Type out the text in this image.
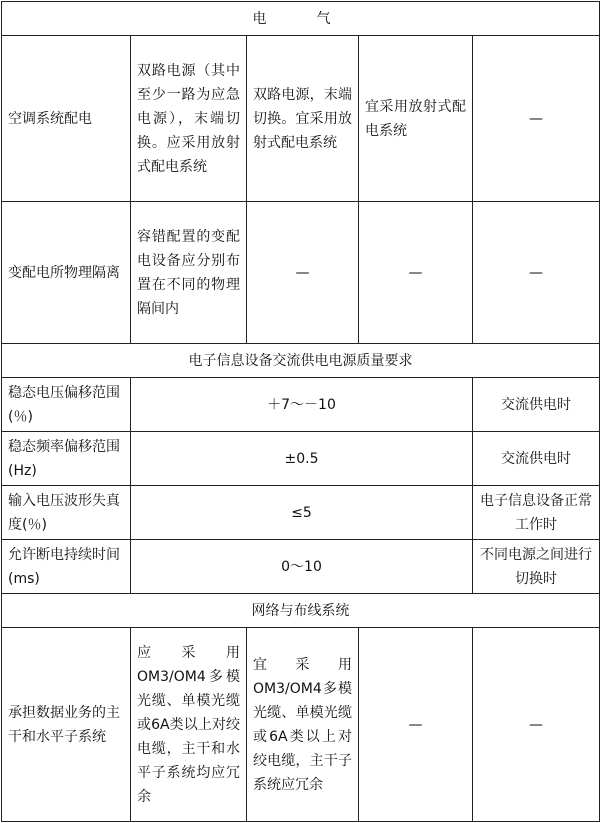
电　气				
空调系统配电	双路电源（其中至少一路为应急电源），末端切换。应采用放射式配电系统	双路电源，末端切换。宜采用放射式配电系统	宜采用放射式配电系统	—
变配电所物理隔离	容错配置的变配电设备应分别布置在不同的物理隔间内	—	—	—
电子信息设备交流供电电源质量要求				
稳态电压偏移范围(％)	＋7～－10			交流供电时
稳态频率偏移范围(Hz)	±0.5			交流供电时
输入电压波形失真度(％)	≤5			电子信息设备正常工作时
允许断电持续时间(ms)	0～10			不同电源之间进行切换时
网络与布线系统				
承担数据业务的主干和水平子系统	应采用OM3/OM4多模光缆、单模光缆或6A类以上对绞电缆，主干和水平子系统均应冗余	宜采用OM3/OM4多模光缆、单模光缆或6A类以上对绞电缆，主干子系统应冗余	—	—
